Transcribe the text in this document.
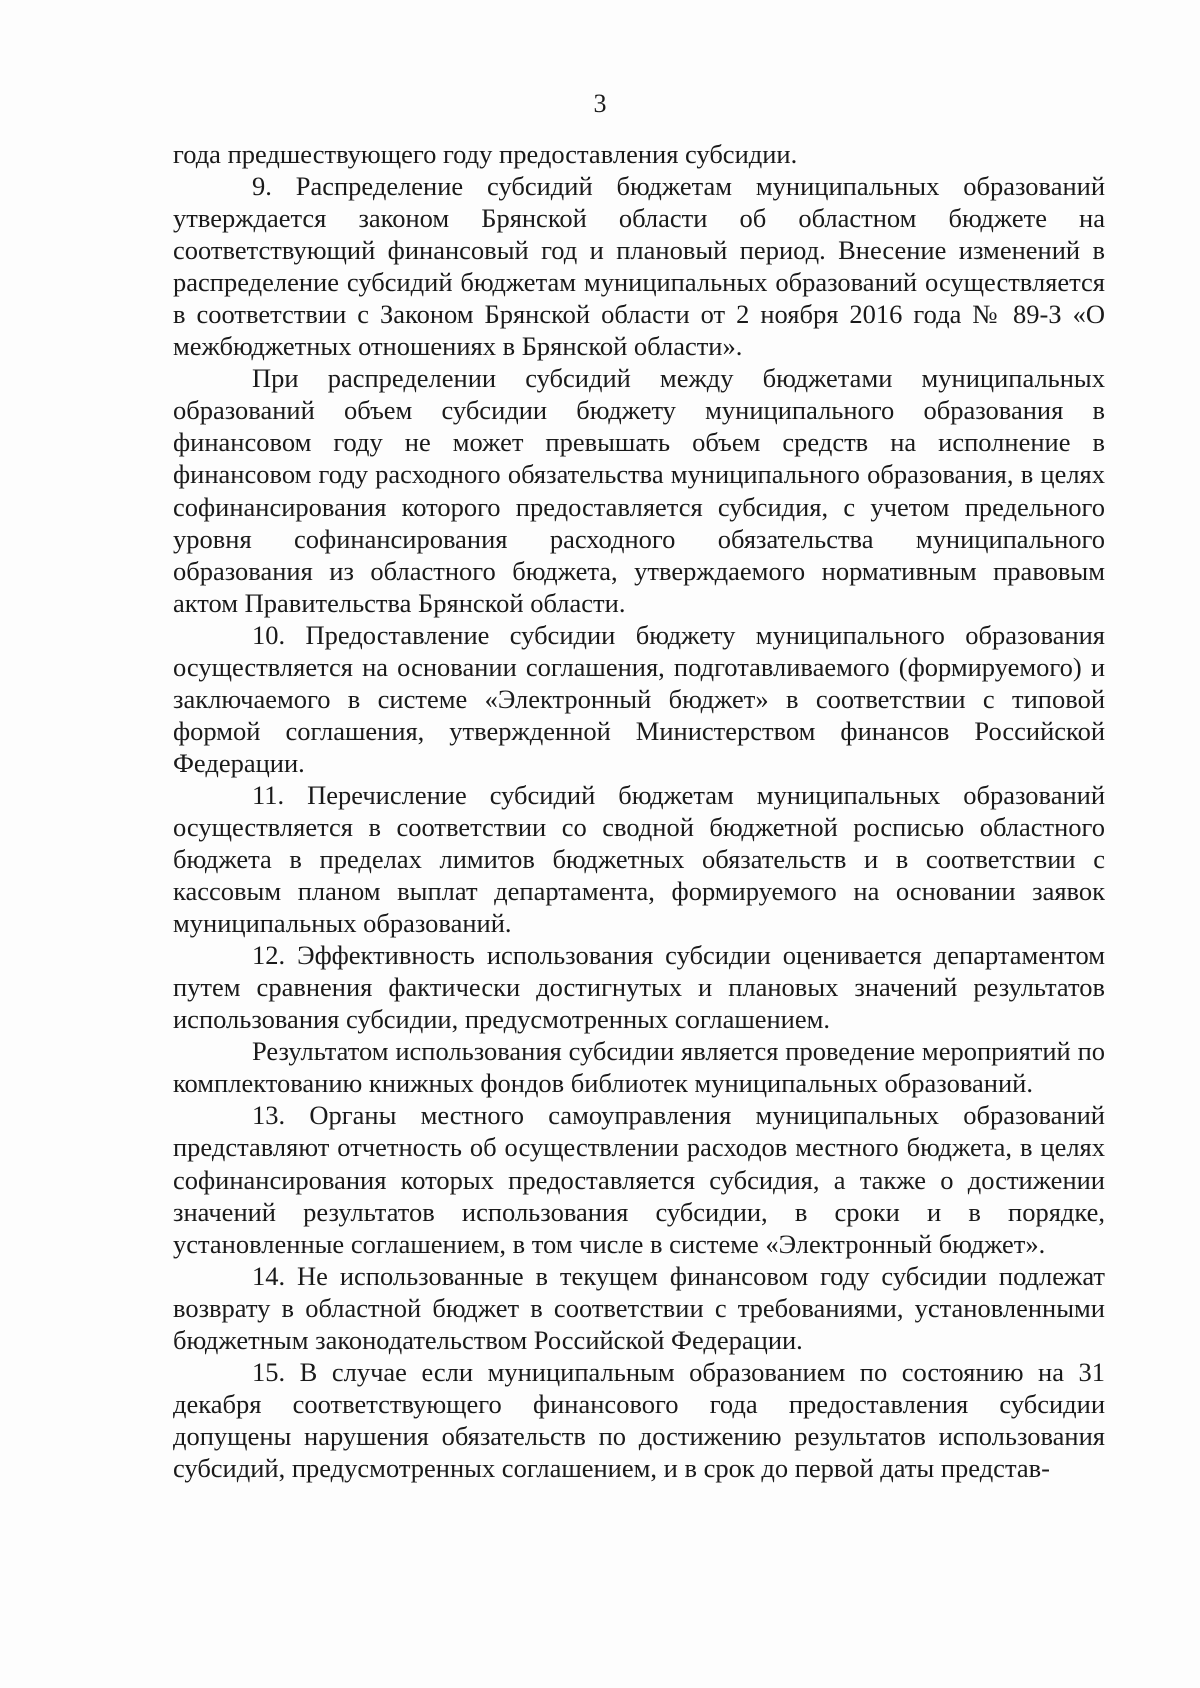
3

года предшествующего году предоставления субсидии.

9. Распределение субсидий бюджетам муниципальных образований утверждается законом Брянской области об областном бюджете на соответствующий финансовый год и плановый период. Внесение изменений в распределение субсидий бюджетам муниципальных образований осуществляется в соответствии с Законом Брянской области от 2 ноября 2016 года № 89-З «О межбюджетных отношениях в Брянской области».

При распределении субсидий между бюджетами муниципальных образований объем субсидии бюджету муниципального образования в финансовом году не может превышать объем средств на исполнение в финансовом году расходного обязательства муниципального образования, в целях софинансирования которого предоставляется субсидия, с учетом предельного уровня софинансирования расходного обязательства муниципального образования из областного бюджета, утверждаемого нормативным правовым актом Правительства Брянской области.

10. Предоставление субсидии бюджету муниципального образования осуществляется на основании соглашения, подготавливаемого (формируемого) и заключаемого в системе «Электронный бюджет» в соответствии с типовой формой соглашения, утвержденной Министерством финансов Российской Федерации.

11. Перечисление субсидий бюджетам муниципальных образований осуществляется в соответствии со сводной бюджетной росписью областного бюджета в пределах лимитов бюджетных обязательств и в соответствии с кассовым планом выплат департамента, формируемого на основании заявок муниципальных образований.

12. Эффективность использования субсидии оценивается департаментом путем сравнения фактически достигнутых и плановых значений результатов использования субсидии, предусмотренных соглашением.

Результатом использования субсидии является проведение мероприятий по комплектованию книжных фондов библиотек муниципальных образований.

13. Органы местного самоуправления муниципальных образований представляют отчетность об осуществлении расходов местного бюджета, в целях софинансирования которых предоставляется субсидия, а также о достижении значений результатов использования субсидии, в сроки и в порядке, установленные соглашением, в том числе в системе «Электронный бюджет».

14. Не использованные в текущем финансовом году субсидии подлежат возврату в областной бюджет в соответствии с требованиями, установленными бюджетным законодательством Российской Федерации.

15. В случае если муниципальным образованием по состоянию на 31 декабря соответствующего финансового года предоставления субсидии допущены нарушения обязательств по достижению результатов использования субсидий, предусмотренных соглашением, и в срок до первой даты представ-
